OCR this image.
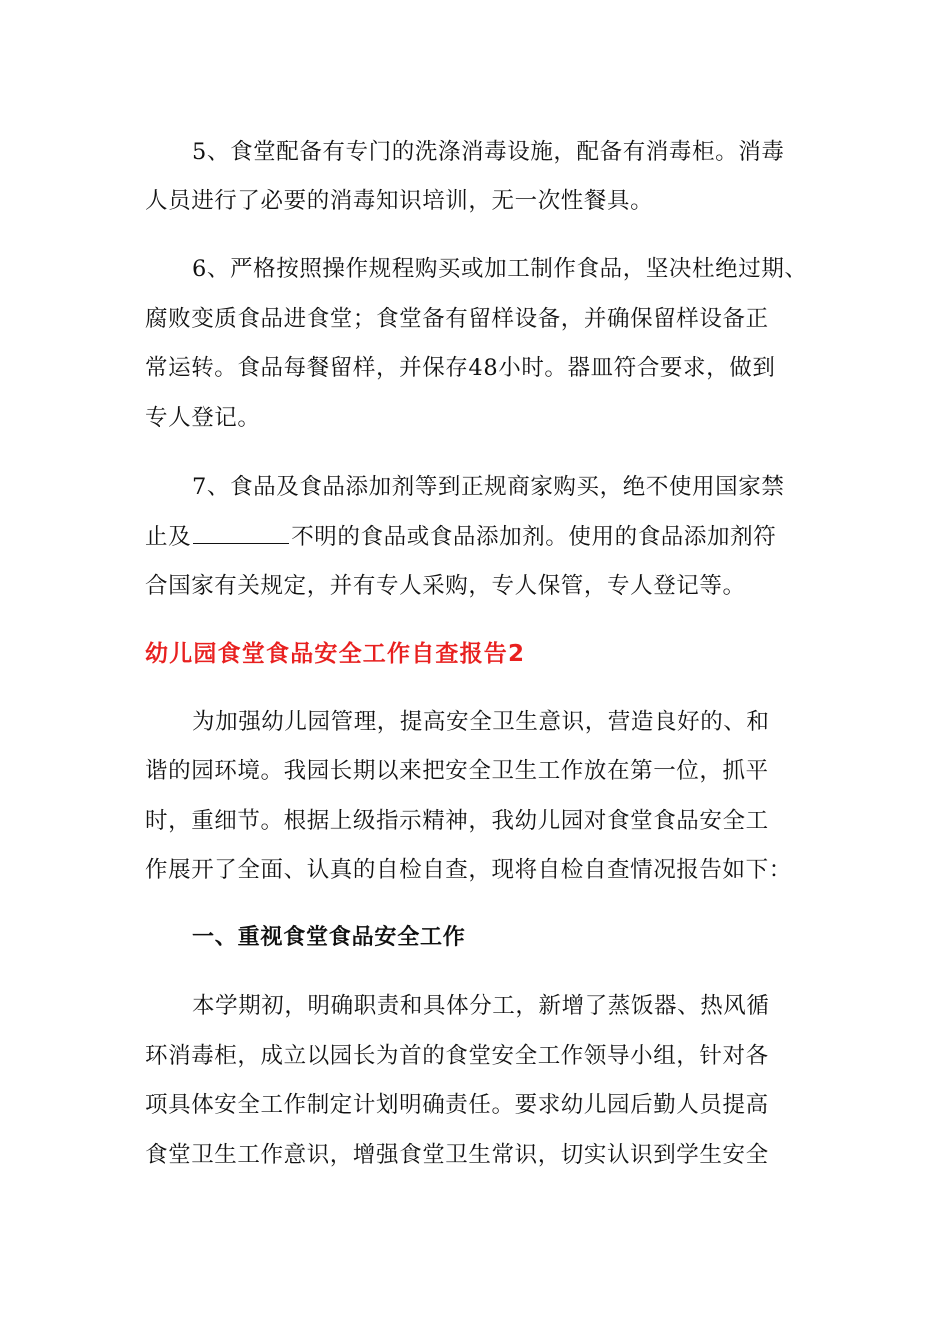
5、食堂配备有专门的洗涤消毒设施，配备有消毒柜。消毒
人员进行了必要的消毒知识培训，无一次性餐具。
6、严格按照操作规程购买或加工制作食品，坚决杜绝过期、
腐败变质食品进食堂；食堂备有留样设备，并确保留样设备正
常运转。食品每餐留样，并保存48小时。器皿符合要求，做到
专人登记。
7、食品及食品添加剂等到正规商家购买，绝不使用国家禁
止及	不明的食品或食品添加剂。使用的食品添加剂符
合国家有关规定，并有专人采购，专人保管，专人登记等。
幼儿园食堂食品安全工作自查报告2
为加强幼儿园管理，提高安全卫生意识，营造良好的、和
谐的园环境。我园长期以来把安全卫生工作放在第一位，抓平
时，重细节。根据上级指示精神，我幼儿园对食堂食品安全工
作展开了全面、认真的自检自查，现将自检自查情况报告如下：
一、重视食堂食品安全工作
本学期初，明确职责和具体分工，新增了蒸饭器、热风循
环消毒柜，成立以园长为首的食堂安全工作领导小组，针对各
项具体安全工作制定计划明确责任。要求幼儿园后勤人员提高
食堂卫生工作意识，增强食堂卫生常识，切实认识到学生安全
